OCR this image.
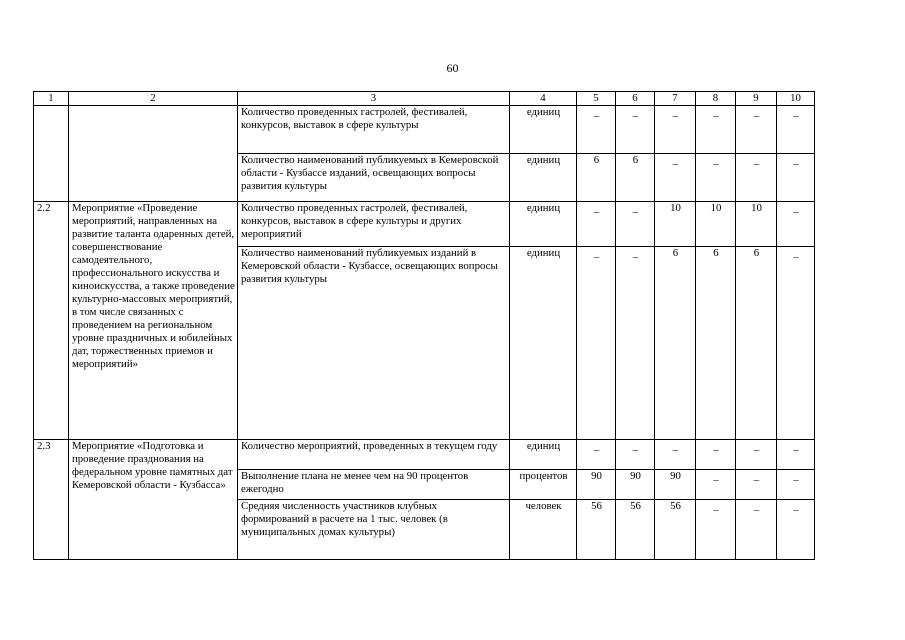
60
1	2	3	4	5	6	7	8	9	10
		Количество проведенных гастролей, фестивалей, конкурсов, выставок в сфере культуры	единиц	_	_	_	_	_	_
		Количество наименований публикуемых в Кемеровской области - Кузбассе изданий, освещающих вопросы развития культуры	единиц	6	6	_	_	_	_
2.2	Мероприятие «Проведение мероприятий, направленных на развитие таланта одаренных детей, совершенствование самодеятельного, профессионального искусства и киноискусства, а также проведение культурно-массовых мероприятий, в том числе связанных с проведением на региональном уровне праздничных и юбилейных дат, торжественных приемов и мероприятий»	Количество проведенных гастролей, фестивалей, конкурсов, выставок в сфере культуры и других мероприятий	единиц	_	_	10	10	10	_
		Количество наименований публикуемых изданий в Кемеровской области - Кузбассе, освещающих вопросы развития культуры	единиц	_	_	6	6	6	_
2.3	Мероприятие «Подготовка и проведение празднования на федеральном уровне памятных дат Кемеровской области - Кузбасса»	Количество мероприятий, проведенных в текущем году	единиц	_	_	_	_	_	_
		Выполнение плана не менее чем на 90 процентов ежегодно	процентов	90	90	90	_	_	_
		Средняя численность участников клубных формирований в расчете на 1 тыс. человек (в муниципальных домах культуры)	человек	56	56	56	_	_	_
